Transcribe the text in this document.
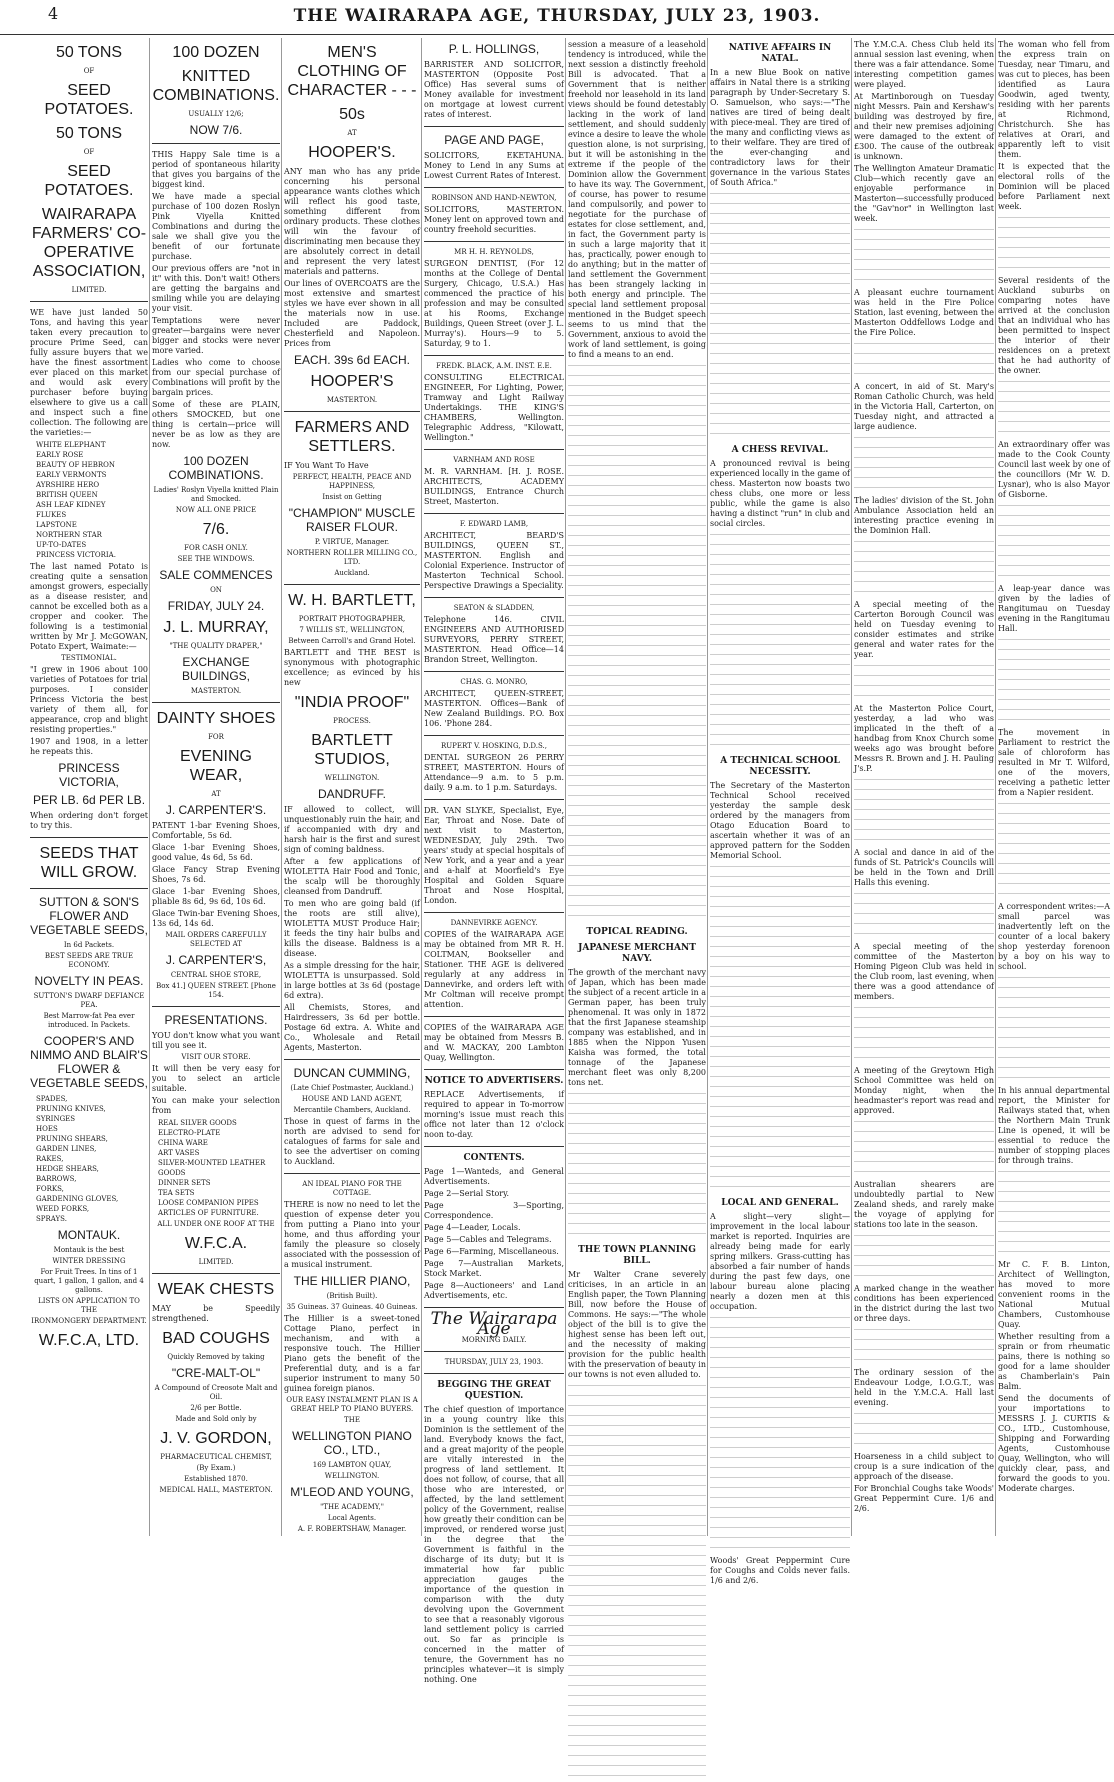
4	THE WAIRARAPA AGE, THURSDAY, JULY 23, 1903.
50 TONS
OF
SEED POTATOES.
50 TONS
OF
SEED POTATOES.
WAIRARAPA FARMERS' CO-OPERATIVE ASSOCIATION,
LIMITED.
WE have just landed 50 Tons, and having this year taken every precaution to procure Prime Seed, can fully assure buyers that we have the finest assortment ever placed on this market and would ask every purchaser before buying elsewhere to give us a call and inspect such a fine collection. The following are the varieties:—
WHITE ELEPHANT
EARLY ROSE
BEAUTY OF HEBRON
EARLY VERMONTS
AYRSHIRE HERO
BRITISH QUEEN
ASH LEAF KIDNEY
FLUKES
LAPSTONE
NORTHERN STAR
UP-TO-DATES
PRINCESS VICTORIA.
The last named Potato is creating quite a sensation amongst growers, especially as a disease resister, and cannot be excelled both as a cropper and cooker. The following is a testimonial written by Mr J. McGOWAN, Potato Expert, Waimate:—
TESTIMONIAL.
"I grew in 1906 about 100 varieties of Potatoes for trial purposes. I consider Princess Victoria the best variety of them all, for appearance, crop and blight resisting properties."
1907 and 1908, in a letter he repeats this.
PRINCESS VICTORIA,
PER LB. 6d PER LB.
When ordering don't forget to try this.
SEEDS THAT WILL GROW.
SUTTON & SON'S FLOWER AND VEGETABLE SEEDS,
In 6d Packets.
BEST SEEDS ARE TRUE ECONOMY.
NOVELTY IN PEAS.
SUTTON'S DWARF DEFIANCE PEA.
Best Marrow-fat Pea ever introduced. In Packets.
COOPER'S AND NIMMO AND BLAIR'S FLOWER & VEGETABLE SEEDS,
SPADES,
PRUNING KNIVES,
SYRINGES
HOES
PRUNING SHEARS,
GARDEN LINES,
RAKES,
HEDGE SHEARS,
BARROWS,
FORKS,
GARDENING GLOVES,
WEED FORKS,
SPRAYS.
MONTAUK.
Montauk is the best
WINTER DRESSING
For Fruit Trees. In tins of 1 quart, 1 gallon, 1 gallon, and 4 gallons.
LISTS ON APPLICATION TO THE
IRONMONGERY DEPARTMENT.
W.F.C.A, LTD.
100 DOZEN
KNITTED COMBINATIONS.
USUALLY 12/6;
NOW 7/6.
THIS Happy Sale time is a period of spontaneous hilarity that gives you bargains of the biggest kind.
We have made a special purchase of 100 dozen Roslyn Pink Viyella Knitted Combinations and during the sale we shall give you the benefit of our fortunate purchase.
Our previous offers are "not in it" with this. Don't wait! Others are getting the bargains and smiling while you are delaying your visit.
Temptations were never greater—bargains were never bigger and stocks were never more varied.
Ladies who come to choose from our special purchase of Combinations will profit by the bargain prices.
Some of these are PLAIN, others SMOCKED, but one thing is certain—price will never be as low as they are now.
100 DOZEN COMBINATIONS.
Ladies' Roslyn Viyella knitted Plain and Smocked.
NOW ALL ONE PRICE
7/6.
FOR CASH ONLY.
SEE THE WINDOWS.
SALE COMMENCES
ON
FRIDAY, JULY 24.
J. L. MURRAY,
"THE QUALITY DRAPER,"
EXCHANGE BUILDINGS,
MASTERTON.
DAINTY SHOES
FOR
EVENING WEAR,
AT
J. CARPENTER'S.
PATENT 1-bar Evening Shoes, Comfortable, 5s 6d.
Glace 1-bar Evening Shoes, good value, 4s 6d, 5s 6d.
Glace Fancy Strap Evening Shoes, 7s 6d.
Glace 1-bar Evening Shoes, pliable 8s 6d, 9s 6d, 10s 6d.
Glace Twin-bar Evening Shoes, 13s 6d, 14s 6d.
MAIL ORDERS CAREFULLY SELECTED AT
J. CARPENTER'S,
CENTRAL SHOE STORE,
Box 41.] QUEEN STREET. [Phone 154.
PRESENTATIONS.
YOU don't know what you want till you see it.
VISIT OUR STORE.
It will then be very easy for you to select an article suitable.
You can make your selection from
REAL SILVER GOODS
ELECTRO-PLATE
CHINA WARE
ART VASES
SILVER-MOUNTED LEATHER GOODS
DINNER SETS
TEA SETS
LOOSE COMPANION PIPES
ARTICLES OF FURNITURE.
ALL UNDER ONE ROOF AT THE
W.F.C.A.
LIMITED.
WEAK CHESTS
MAY be Speedily strengthened.
BAD COUGHS
Quickly Removed by taking
"CRE-MALT-OL"
A Compound of Creosote Malt and Oil.
2/6 per Bottle.
Made and Sold only by
J. V. GORDON,
PHARMACEUTICAL CHEMIST,
(By Exam.)
Established 1870.
MEDICAL HALL, MASTERTON.
MEN'S CLOTHING OF CHARACTER - - -
50s
AT
HOOPER'S.
ANY man who has any pride concerning his personal appearance wants clothes which will reflect his good taste, something different from ordinary products. These clothes will win the favour of discriminating men because they are absolutely correct in detail and represent the very latest materials and patterns.
Our lines of OVERCOATS are the most extensive and smartest styles we have ever shown in all the materials now in use. Included are Paddock, Chesterfield and Napoleon. Prices from
EACH. 39s 6d EACH.
HOOPER'S
MASTERTON.
FARMERS AND SETTLERS.
IF You Want To Have
PERFECT, HEALTH, PEACE AND HAPPINESS,
Insist on Getting
"CHAMPION" MUSCLE RAISER FLOUR.
P. VIRTUE, Manager.
NORTHERN ROLLER MILLING CO., LTD.
Auckland.
W. H. BARTLETT,
PORTRAIT PHOTOGRAPHER,
7 WILLIS ST., WELLINGTON,
Between Carroll's and Grand Hotel.
BARTLETT and THE BEST is synonymous with photographic excellence; as evinced by his new
"INDIA PROOF"
PROCESS.
BARTLETT STUDIOS,
WELLINGTON.
DANDRUFF.
IF allowed to collect, will unquestionably ruin the hair, and if accompanied with dry and harsh hair is the first and surest sign of coming baldness.
After a few applications of WIOLETTA Hair Food and Tonic, the scalp will be thoroughly cleansed from Dandruff.
To men who are going bald (if the roots are still alive), WIOLETTA MUST Produce Hair; it feeds the tiny hair bulbs and kills the disease. Baldness is a disease.
As a simple dressing for the hair, WIOLETTA is unsurpassed. Sold in large bottles at 3s 6d (postage 6d extra).
All Chemists, Stores, and Hairdressers, 3s 6d per bottle. Postage 6d extra. A. White and Co., Wholesale and Retail Agents, Masterton.
DUNCAN CUMMING,
(Late Chief Postmaster, Auckland.)
HOUSE AND LAND AGENT,
Mercantile Chambers, Auckland.
Those in quest of farms in the north are advised to send for catalogues of farms for sale and to see the advertiser on coming to Auckland.
AN IDEAL PIANO FOR THE COTTAGE.
THERE is now no need to let the question of expense deter you from putting a Piano into your home, and thus affording your family the pleasure so closely associated with the possession of a musical instrument.
THE HILLIER PIANO,
(British Built).
35 Guineas. 37 Guineas. 40 Guineas.
The Hillier is a sweet-toned Cottage Piano, perfect in mechanism, and with a responsive touch. The Hillier Piano gets the benefit of the Preferential duty, and is a far superior instrument to many 50 guinea foreign pianos.
OUR EASY INSTALMENT PLAN IS A GREAT HELP TO PIANO BUYERS.
THE
WELLINGTON PIANO CO., LTD.,
169 LAMBTON QUAY,
WELLINGTON.
M'LEOD AND YOUNG,
"THE ACADEMY,"
Local Agents.
A. F. ROBERTSHAW, Manager.
P. L. HOLLINGS,
BARRISTER AND SOLICITOR, MASTERTON (Opposite Post Office) Has several sums of Money available for investment on mortgage at lowest current rates of interest.
PAGE AND PAGE,
SOLICITORS, EKETAHUNA. Money to Lend in any Sums at Lowest Current Rates of Interest.
ROBINSON AND HAND-NEWTON,
SOLICITORS, MASTERTON. Money lent on approved town and country freehold securities.
MR H. H. REYNOLDS,
SURGEON DENTIST, (For 12 months at the College of Dental Surgery, Chicago, U.S.A.) Has commenced the practice of his profession and may be consulted at his Rooms, Exchange Buildings, Queen Street (over J. L. Murray's). Hours—9 to 5. Saturday, 9 to 1.
FREDK. BLACK, A.M. INST. E.E.
CONSULTING ELECTRICAL ENGINEER, For Lighting, Power, Tramway and Light Railway Undertakings. THE KING'S CHAMBERS, Wellington. Telegraphic Address, "Kilowatt, Wellington."
VARNHAM AND ROSE
M. R. VARNHAM. [H. J. ROSE. ARCHITECTS, ACADEMY BUILDINGS, Entrance Church Street, Masterton.
F. EDWARD LAMB,
ARCHITECT, BEARD'S BUILDINGS, QUEEN ST., MASTERTON. English and Colonial Experience. Instructor of Masterton Technical School. Perspective Drawings a Speciality.
SEATON & SLADDEN,
Telephone 146. CIVIL ENGINEERS AND AUTHORISED SURVEYORS, PERRY STREET, MASTERTON. Head Office—14 Brandon Street, Wellington.
CHAS. G. MONRO,
ARCHITECT, QUEEN-STREET, MASTERTON. Offices—Bank of New Zealand Buildings. P.O. Box 106. 'Phone 284.
RUPERT V. HOSKING, D.D.S.,
DENTAL SURGEON 26 PERRY STREET, MASTERTON. Hours of Attendance—9 a.m. to 5 p.m. daily. 9 a.m. to 1 p.m. Saturdays.
DR. VAN SLYKE, Specialist, Eye, Ear, Throat and Nose. Date of next visit to Masterton, WEDNESDAY, July 29th. Two years' study at special hospitals of New York, and a year and a year and a-half at Moorfield's Eye Hospital and Golden Square Throat and Nose Hospital, London.
DANNEVIRKE AGENCY.
COPIES of the WAIRARAPA AGE may be obtained from MR R. H. COLTMAN, Bookseller and Stationer. THE AGE is delivered regularly at any address in Dannevirke, and orders left with Mr Coltman will receive prompt attention.
COPIES of the WAIRARAPA AGE may be obtained from Messrs B. and W. MACKAY, 200 Lambton Quay, Wellington.
NOTICE TO ADVERTISERS.
REPLACE Advertisements, if required to appear in To-morrow morning's issue must reach this office not later than 12 o'clock noon to-day.
CONTENTS.
Page 1—Wanteds, and General Advertisements.
Page 2—Serial Story.
Page 3—Sporting, Correspondence.
Page 4—Leader, Locals.
Page 5—Cables and Telegrams.
Page 6—Farming, Miscellaneous.
Page 7—Australian Markets, Stock Market.
Page 8—Auctioneers' and Land Advertisements, etc.
The Wairarapa Age
MORNING DAILY.
THURSDAY, JULY 23, 1903.
BEGGING THE GREAT QUESTION.
The chief question of importance in a young country like this Dominion is the settlement of the land. Everybody knows the fact, and a great majority of the people are vitally interested in the progress of land settlement. It does not follow, of course, that all those who are interested, or affected, by the land settlement policy of the Government, realise how greatly their condition can be improved, or rendered worse just in the degree that the Government is faithful in the discharge of its duty; but it is immaterial how far public appreciation gauges the importance of the question in comparison with the duty devolving upon the Government to see that a reasonably vigorous land settlement policy is carried out. So far as principle is concerned in the matter of tenure, the Government has no principles whatever—it is simply nothing. One
session a measure of a leasehold tendency is introduced, while the next session a distinctly freehold Bill is advocated. That a Government that is neither freehold nor leasehold in its land views should be found detestably lacking in the work of land settlement, and should suddenly evince a desire to leave the whole question alone, is not surprising, but it will be astonishing in the extreme if the people of the Dominion allow the Government to have its way. The Government, of course, has power to resume land compulsorily, and power to negotiate for the purchase of estates for close settlement, and, in fact, the Government party is in such a large majority that it has, practically, power enough to do anything; but in the matter of land settlement the Government has been strangely lacking in both energy and principle. The special land settlement proposal mentioned in the Budget speech seems to us mind that the Government, anxious to avoid the work of land settlement, is going to find a means to an end.
TOPICAL READING.
JAPANESE MERCHANT NAVY.
The growth of the merchant navy of Japan, which has been made the subject of a recent article in a German paper, has been truly phenomenal. It was only in 1872 that the first Japanese steamship company was established, and in 1885 when the Nippon Yusen Kaisha was formed, the total tonnage of the Japanese merchant fleet was only 8,200 tons net.
THE TOWN PLANNING BILL.
Mr Walter Crane severely criticises, in an article in an English paper, the Town Planning Bill, now before the House of Commons. He says:—"The whole object of the bill is to give the highest sense has been left out, and the necessity of making provision for the public health with the preservation of beauty in our towns is not even alluded to.
NATIVE AFFAIRS IN NATAL.
In a new Blue Book on native affairs in Natal there is a striking paragraph by Under-Secretary S. O. Samuelson, who says:—"The natives are tired of being dealt with piece-meal. They are tired of the many and conflicting views as to their welfare. They are tired of the ever-changing and contradictory laws for their governance in the various States of South Africa."
A CHESS REVIVAL.
A pronounced revival is being experienced locally in the game of chess. Masterton now boasts two chess clubs, one more or less public, while the game is also having a distinct "run" in club and social circles.
A TECHNICAL SCHOOL NECESSITY.
The Secretary of the Masterton Technical School received yesterday the sample desk ordered by the managers from Otago Education Board to ascertain whether it was of an approved pattern for the Sodden Memorial School.
LOCAL AND GENERAL.
A slight—very slight—improvement in the local labour market is reported. Inquiries are already being made for early spring milkers. Grass-cutting has absorbed a fair number of hands during the past few days, one labour bureau alone placing nearly a dozen men at this occupation.
Woods' Great Peppermint Cure for Coughs and Colds never fails. 1/6 and 2/6.
The Y.M.C.A. Chess Club held its annual session last evening, when there was a fair attendance. Some interesting competition games were played.
At Martinborough on Tuesday night Messrs. Pain and Kershaw's building was destroyed by fire, and their new premises adjoining were damaged to the extent of £300. The cause of the outbreak is unknown.
The Wellington Amateur Dramatic Club—which recently gave an enjoyable performance in Masterton—successfully produced the "Gav'nor" in Wellington last week.
A pleasant euchre tournament was held in the Fire Police Station, last evening, between the Masterton Oddfellows Lodge and the Fire Police.
A concert, in aid of St. Mary's Roman Catholic Church, was held in the Victoria Hall, Carterton, on Tuesday night, and attracted a large audience.
The ladies' division of the St. John Ambulance Association held an interesting practice evening in the Dominion Hall.
A special meeting of the Carterton Borough Council was held on Tuesday evening to consider estimates and strike general and water rates for the year.
At the Masterton Police Court, yesterday, a lad who was implicated in the theft of a handbag from Knox Church some weeks ago was brought before Messrs R. Brown and J. H. Pauling J's.P.
A social and dance in aid of the funds of St. Patrick's Councils will be held in the Town and Drill Halls this evening.
A special meeting of the committee of the Masterton Homing Pigeon Club was held in the Club room, last evening, when there was a good attendance of members.
A meeting of the Greytown High School Committee was held on Monday night, when the headmaster's report was read and approved.
Australian shearers are undoubtedly partial to New Zealand sheds, and rarely make the voyage of applying for stations too late in the season.
A marked change in the weather conditions has been experienced in the district during the last two or three days.
The ordinary session of the Endeavour Lodge, I.O.G.T., was held in the Y.M.C.A. Hall last evening.
Hoarseness in a child subject to croup is a sure indication of the approach of the disease.
For Bronchial Coughs take Woods' Great Peppermint Cure. 1/6 and 2/6.
The woman who fell from the express train on Tuesday, near Timaru, and was cut to pieces, has been identified as Laura Goodwin, aged twenty, residing with her parents at Richmond, Christchurch. She has relatives at Orari, and apparently left to visit them.
It is expected that the electoral rolls of the Dominion will be placed before Parliament next week.
Several residents of the Auckland suburbs on comparing notes have arrived at the conclusion that an individual who has been permitted to inspect the interior of their residences on a pretext that he had authority of the owner.
An extraordinary offer was made to the Cook County Council last week by one of the councillors (Mr W. D. Lysnar), who is also Mayor of Gisborne.
A leap-year dance was given by the ladies of Rangitumau on Tuesday evening in the Rangitumau Hall.
The movement in Parliament to restrict the sale of chloroform has resulted in Mr T. Wilford, one of the movers, receiving a pathetic letter from a Napier resident.
A correspondent writes:—A small parcel was inadvertently left on the counter of a local bakery shop yesterday forenoon by a boy on his way to school.
In his annual departmental report, the Minister for Railways stated that, when the Northern Main Trunk Line is opened, it will be essential to reduce the number of stopping places for through trains.
Mr C. F. B. Linton, Architect of Wellington, has moved to more convenient rooms in the National Mutual Chambers, Customhouse Quay.
Whether resulting from a sprain or from rheumatic pains, there is nothing so good for a lame shoulder as Chamberlain's Pain Balm.
Send the documents of your importations to MESSRS J. J. CURTIS & CO., LTD., Customhouse, Shipping and Forwarding Agents, Customhouse Quay, Wellington, who will quickly clear, pass, and forward the goods to you. Moderate charges.
